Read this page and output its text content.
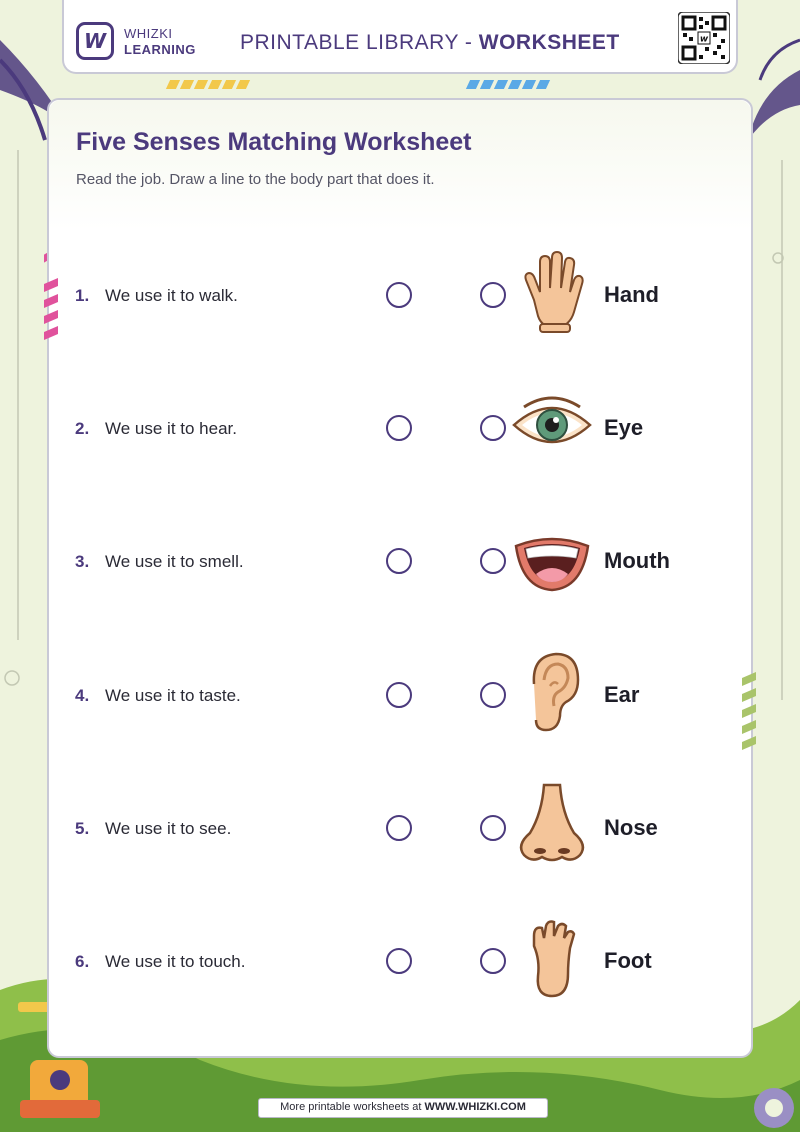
W WHIZKI
LEARNING PRINTABLE LIBRARY - WORKSHEET	w
Five Senses Matching Worksheet

Read the job. Draw a line to the body part that does it.

1. We use it to walk.	Hand
2. We use it to hear.	Eye
3. We use it to smell.	Mouth
4. We use it to taste.	Ear
5. We use it to see.	Nose
6. We use it to touch.	Foot
More printable worksheets at WWW.WHIZKI.COM
